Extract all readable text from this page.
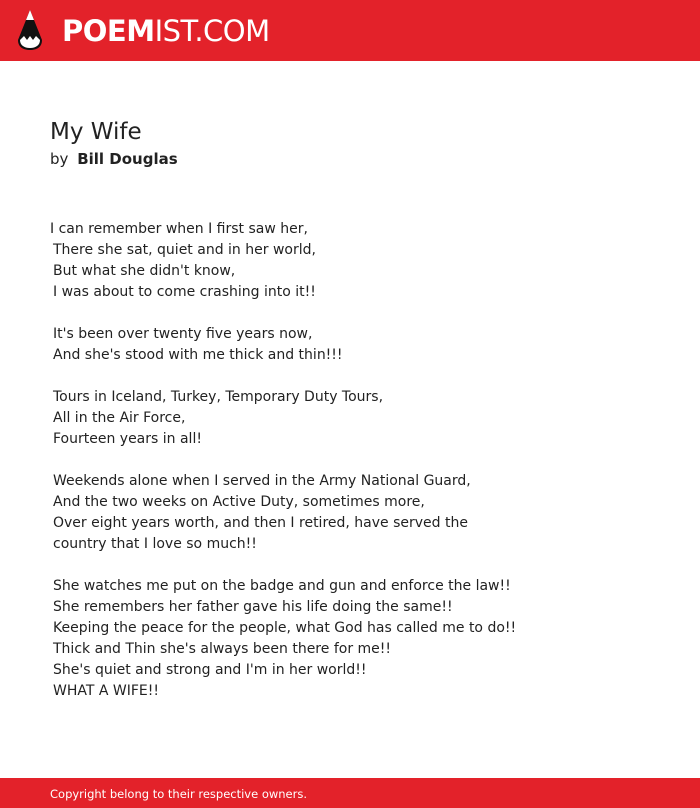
POEMIST.COM
My Wife
by Bill Douglas
I can remember when I first saw her,
There she sat, quiet and in her world,
But what she didn't know,
I was about to come crashing into it!!
It's been over twenty five years now,
And she's stood with me thick and thin!!!
Tours in Iceland, Turkey, Temporary Duty Tours,
All in the Air Force,
Fourteen years in all!
Weekends alone when I served in the Army National Guard,
And the two weeks on Active Duty, sometimes more,
Over eight years worth, and then I retired, have served the
country that I love so much!!
She watches me put on the badge and gun and enforce the law!!
She remembers her father gave his life doing the same!!
Keeping the peace for the people, what God has called me to do!!
Thick and Thin she's always been there for me!!
She's quiet and strong and I'm in her world!!
WHAT A WIFE!!
Copyright belong to their respective owners.
